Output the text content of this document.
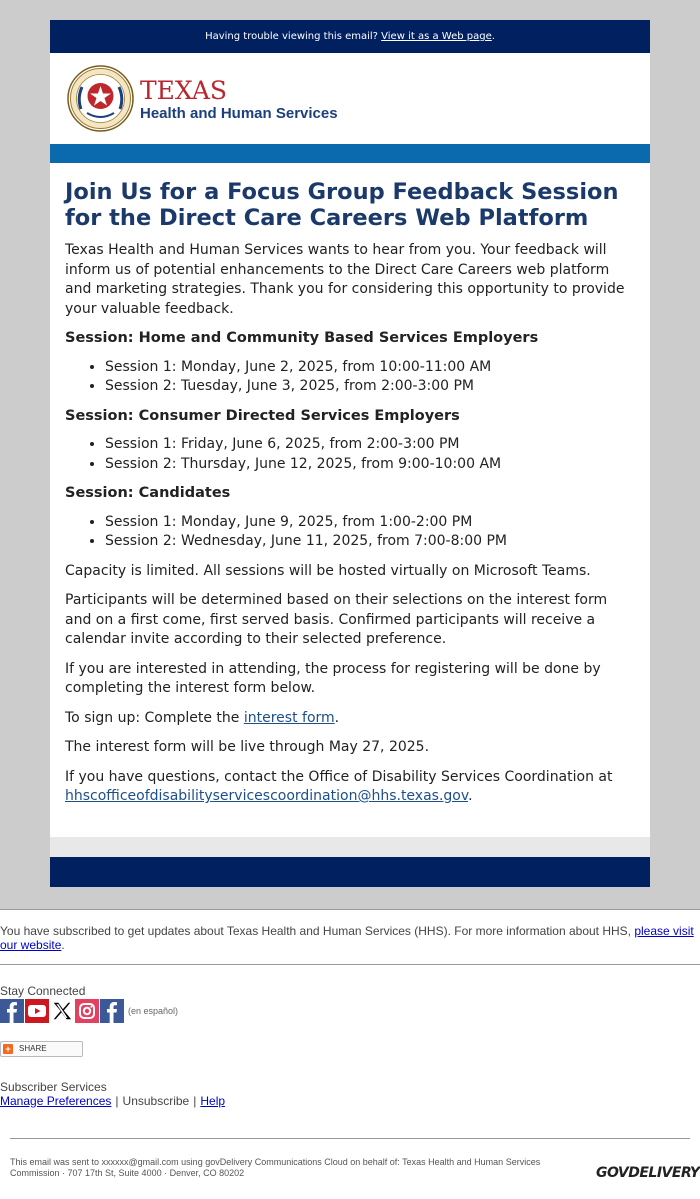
Having trouble viewing this email? View it as a Web page.
TEXAS
Health and Human Services
Join Us for a Focus Group Feedback Session for the Direct Care Careers Web Platform

Texas Health and Human Services wants to hear from you. Your feedback will inform us of potential enhancements to the Direct Care Careers web platform and marketing strategies. Thank you for considering this opportunity to provide your valuable feedback.

Session: Home and Community Based Services Employers
• Session 1: Monday, June 2, 2025, from 10:00-11:00 AM
• Session 2: Tuesday, June 3, 2025, from 2:00-3:00 PM
Session: Consumer Directed Services Employers
• Session 1: Friday, June 6, 2025, from 2:00-3:00 PM
• Session 2: Thursday, June 12, 2025, from 9:00-10:00 AM
Session: Candidates
• Session 1: Monday, June 9, 2025, from 1:00-2:00 PM
• Session 2: Wednesday, June 11, 2025, from 7:00-8:00 PM

Capacity is limited. All sessions will be hosted virtually on Microsoft Teams.

Participants will be determined based on their selections on the interest form and on a first come, first served basis. Confirmed participants will receive a calendar invite according to their selected preference.

If you are interested in attending, the process for registering will be done by completing the interest form below.

To sign up: Complete the interest form.

The interest form will be live through May 27, 2025.

If you have questions, contact the Office of Disability Services Coordination at hhscofficeofdisabilityservicescoordination@hhs.texas.gov.

You have subscribed to get updates about Texas Health and Human Services (HHS). For more information about HHS, please visit our website.
Stay Connected
(en español)
+ SHARE
Subscriber Services
Manage Preferences | Unsubscribe | Help
This email was sent to xxxxxx@gmail.com using govDelivery Communications Cloud on behalf of: Texas Health and Human Services Commission · 707 17th St, Suite 4000 · Denver, CO 80202	GOVDELIVERY
